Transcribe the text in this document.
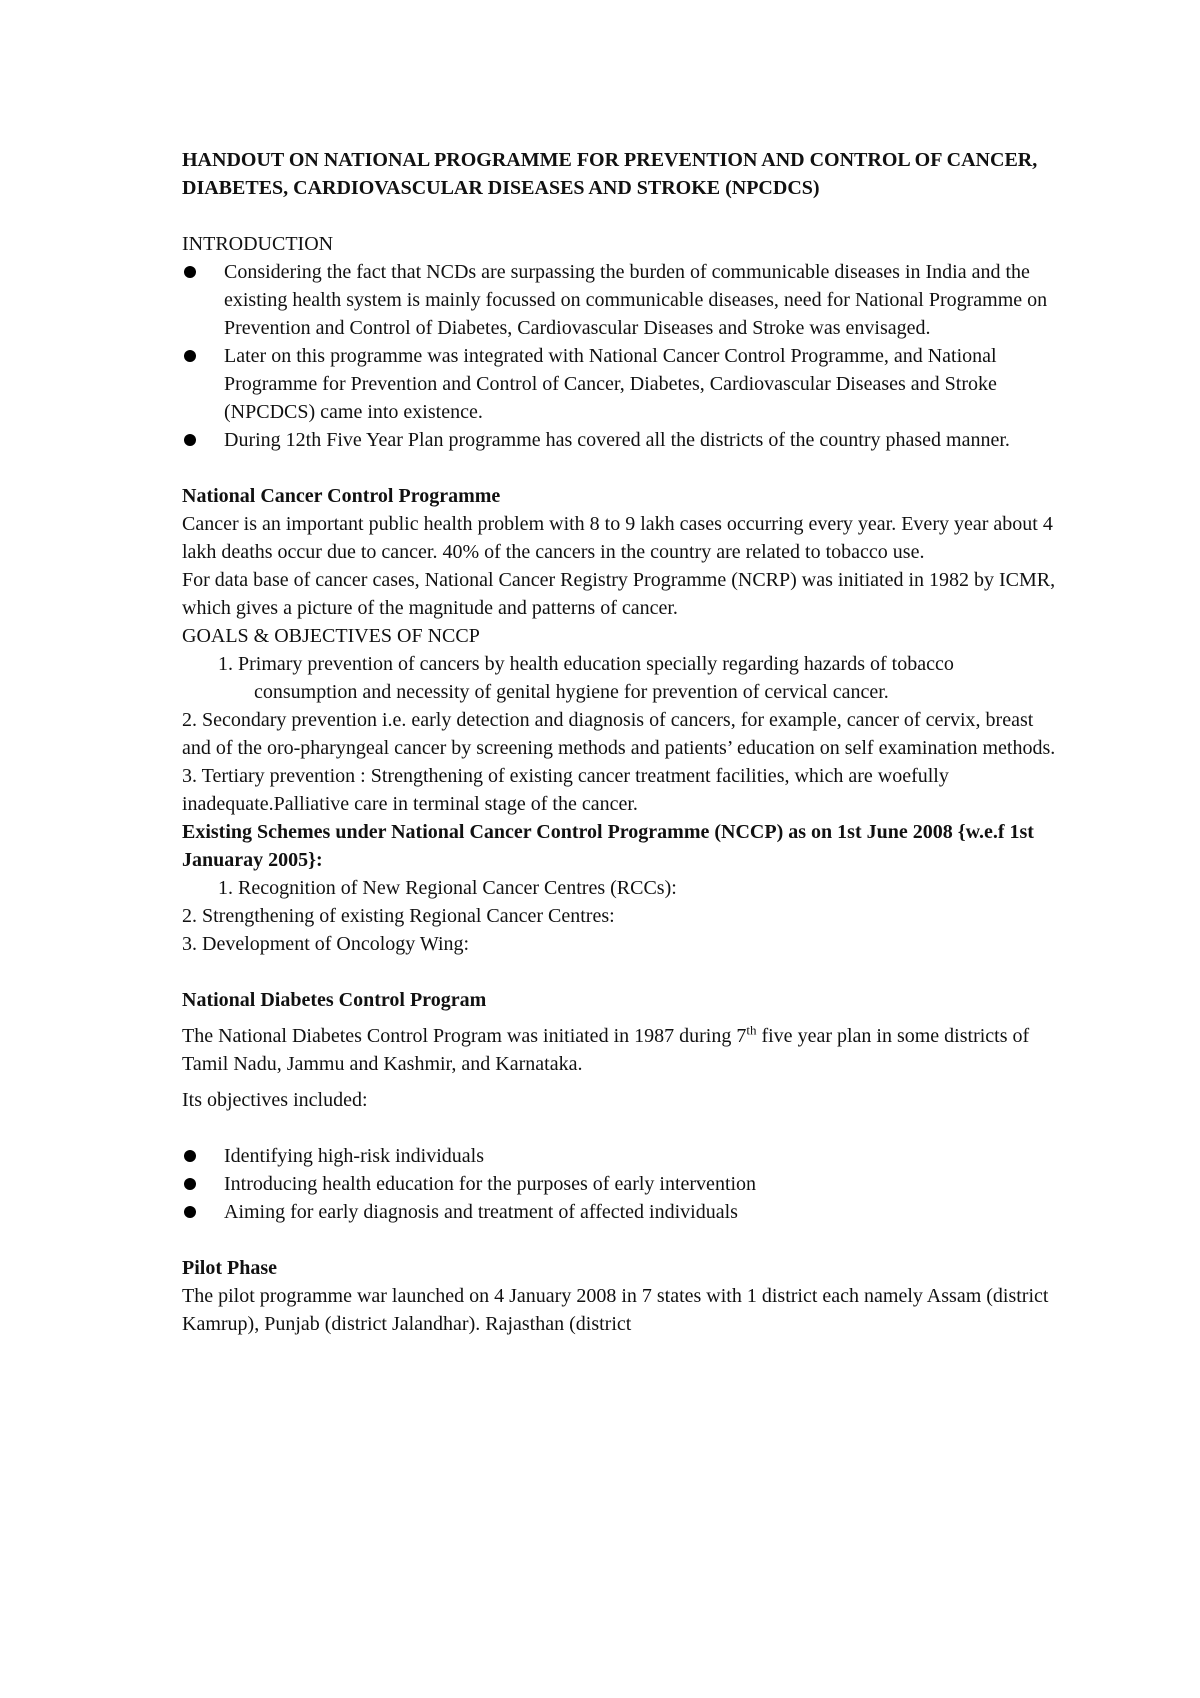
HANDOUT ON NATIONAL PROGRAMME FOR PREVENTION AND CONTROL OF CANCER, DIABETES, CARDIOVASCULAR DISEASES AND STROKE (NPCDCS)

INTRODUCTION

Considering the fact that NCDs are surpassing the burden of communicable diseases in India and the existing health system is mainly focussed on communicable diseases, need for National Programme on Prevention and Control of Diabetes, Cardiovascular Diseases and Stroke was envisaged.
Later on this programme was integrated with National Cancer Control Programme, and National Programme for Prevention and Control of Cancer, Diabetes, Cardiovascular Diseases and Stroke (NPCDCS) came into existence.
During 12th Five Year Plan programme has covered all the districts of the country phased manner.

National Cancer Control Programme

Cancer is an important public health problem with 8 to 9 lakh cases occurring every year. Every year about 4 lakh deaths occur due to cancer. 40% of the cancers in the country are related to tobacco use.

For data base of cancer cases, National Cancer Registry Programme (NCRP) was initiated in 1982 by ICMR, which gives a picture of the magnitude and patterns of cancer.

GOALS & OBJECTIVES OF NCCP

1. Primary prevention of cancers by health education specially regarding hazards of tobacco consumption and necessity of genital hygiene for prevention of cervical cancer.

2. Secondary prevention i.e. early detection and diagnosis of cancers, for example, cancer of cervix, breast and of the oro-pharyngeal cancer by screening methods and patients’ education on self examination methods.

3. Tertiary prevention : Strengthening of existing cancer treatment facilities, which are woefully inadequate.Palliative care in terminal stage of the cancer.

Existing Schemes under National Cancer Control Programme (NCCP) as on 1st June 2008 {w.e.f 1st Januaray 2005}:

1. Recognition of New Regional Cancer Centres (RCCs):

2. Strengthening of existing Regional Cancer Centres:

3. Development of Oncology Wing:

National Diabetes Control Program

The National Diabetes Control Program was initiated in 1987 during 7th five year plan in some districts of Tamil Nadu, Jammu and Kashmir, and Karnataka.

Its objectives included:

Identifying high-risk individuals
Introducing health education for the purposes of early intervention
Aiming for early diagnosis and treatment of affected individuals

Pilot Phase

The pilot programme war launched on 4 January 2008 in 7 states with 1 district each namely Assam (district Kamrup), Punjab (district Jalandhar). Rajasthan (district
